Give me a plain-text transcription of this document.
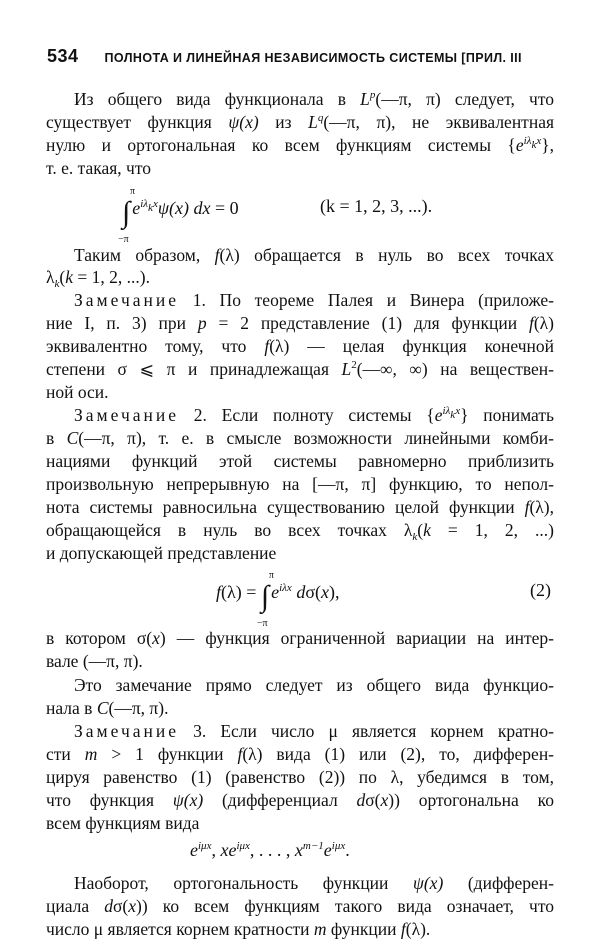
534 ПОЛНОТА И ЛИНЕЙНАЯ НЕЗАВИСИМОСТЬ СИСТЕМЫ [ПРИЛ. III
Из общего вида функционала в $L^p(—\pi$, π) следует, что
существует функция ψ(x) из $L^q(—\pi$, π), не эквивалентная
нулю и ортогональная ко всем функциям системы $\{e^{i\lambda_kx}\}$,
т. е. такая, что
∫
π
−π
$e^{i\lambda_kx}\psi(x)$ dx = 0	(k = 1, 2, 3, ...).
Таким образом, f(λ) обращается в нуль во всех точках
$\lambda_k(k = 1$, 2, ...).
Замечание 1. По теореме Палея и Винера (приложе-
ние I, п. 3) при p = 2 представление (1) для функции f(λ)
эквивалентно тому, что f(λ) — целая функция конечной
степени σ ⩽ π и принадлежащая $L^2(—\infty$, ∞) на веществен-
ной оси.
Замечание 2. Если полноту системы $\{e^{i\lambda_kx}\}$ понимать
в C(—π, π), т. е. в смысле возможности линейными комби-
нациями функций этой системы равномерно приблизить
произвольную непрерывную на [—π, π] функцию, то непол-
нота системы равносильна существованию целой функции f(λ),
обращающейся в нуль во всех точках $\lambda_k(k = 1$, 2, ...)
и допускающей представление
f(λ) = ∫
π
−π
$e^{i\lambda x}$ dσ(x),	(2)
в котором σ(x) — функция ограниченной вариации на интер-
вале (—π, π).
Это замечание прямо следует из общего вида функцио-
нала в C(—π, π).
Замечание 3. Если число μ является корнем кратно-
сти m > 1 функции f(λ) вида (1) или (2), то, дифферен-
цируя равенство (1) (равенство (2)) по λ, убедимся в том,
что функция ψ(x) (дифференциал dσ(x)) ортогональна ко
всем функциям вида
$e^{i\mu x}$, $xe^{i\mu x}$, . . . , $x^{m-1}e^{i\mu x}$.
Наоборот, ортогональность функции ψ(x) (дифферен-
циала dσ(x)) ко всем функциям такого вида означает, что
число μ является корнем кратности m функции f(λ).
